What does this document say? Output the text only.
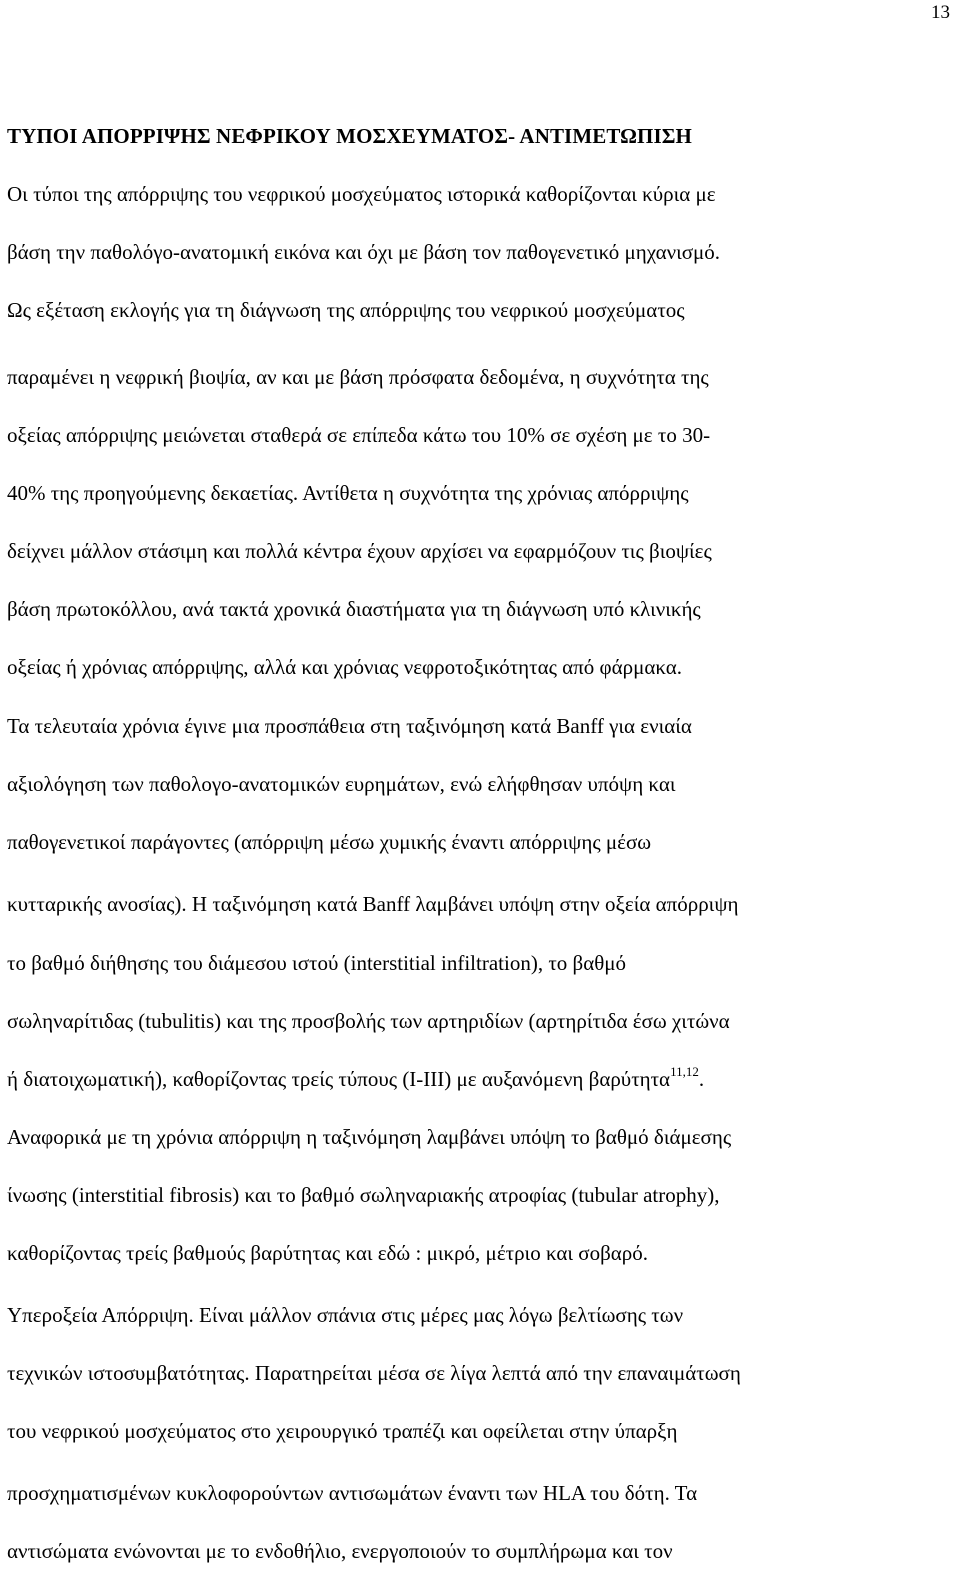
13
ΤΥΠΟΙ ΑΠΟΡΡΙΨΗΣ ΝΕΦΡΙΚΟΥ ΜΟΣΧΕΥΜΑΤΟΣ- ΑΝΤΙΜΕΤΩΠΙΣΗ
Οι τύποι της απόρριψης του νεφρικού μοσχεύματος ιστορικά καθορίζονται κύρια με
βάση την παθολόγο-ανατομική εικόνα και όχι με βάση τον παθογενετικό μηχανισμό.
Ως εξέταση εκλογής για τη διάγνωση της απόρριψης του νεφρικού μοσχεύματος
παραμένει η νεφρική βιοψία, αν και με βάση πρόσφατα δεδομένα, η συχνότητα της
οξείας απόρριψης μειώνεται σταθερά σε επίπεδα κάτω του 10% σε σχέση με το 30-
40% της προηγούμενης δεκαετίας. Αντίθετα η συχνότητα της χρόνιας απόρριψης
δείχνει μάλλον στάσιμη και πολλά κέντρα έχουν αρχίσει να εφαρμόζουν τις βιοψίες
βάση πρωτοκόλλου, ανά τακτά χρονικά διαστήματα για τη διάγνωση υπό κλινικής
οξείας ή χρόνιας απόρριψης, αλλά και χρόνιας νεφροτοξικότητας από φάρμακα.
Τα τελευταία χρόνια έγινε μια προσπάθεια στη ταξινόμηση κατά Banff για ενιαία
αξιολόγηση των παθολογο-ανατομικών ευρημάτων, ενώ ελήφθησαν υπόψη και
παθογενετικοί παράγοντες (απόρριψη μέσω χυμικής έναντι απόρριψης μέσω
κυτταρικής ανοσίας). Η ταξινόμηση κατά Banff λαμβάνει υπόψη στην οξεία απόρριψη
το βαθμό διήθησης του διάμεσου ιστού (interstitial infiltration), το βαθμό
σωληναρίτιδας (tubulitis) και της προσβολής των αρτηριδίων (αρτηρίτιδα έσω χιτώνα
ή διατοιχωματική), καθορίζοντας τρείς τύπους (Ι-ΙΙΙ) με αυξανόμενη βαρύτητα$^{11,12}$.
Αναφορικά με τη χρόνια απόρριψη η ταξινόμηση λαμβάνει υπόψη το βαθμό διάμεσης
ίνωσης (interstitial fibrosis) και το βαθμό σωληναριακής ατροφίας (tubular atrophy),
καθορίζοντας τρείς βαθμούς βαρύτητας και εδώ : μικρό, μέτριο και σοβαρό.
Υπεροξεία Απόρριψη. Είναι μάλλον σπάνια στις μέρες μας λόγω βελτίωσης των
τεχνικών ιστοσυμβατότητας. Παρατηρείται μέσα σε λίγα λεπτά από την επαναιμάτωση
του νεφρικού μοσχεύματος στο χειρουργικό τραπέζι και οφείλεται στην ύπαρξη
προσχηματισμένων κυκλοφορούντων αντισωμάτων έναντι των HLA του δότη. Τα
αντισώματα ενώνονται με το ενδοθήλιο, ενεργοποιούν το συμπλήρωμα και τον
